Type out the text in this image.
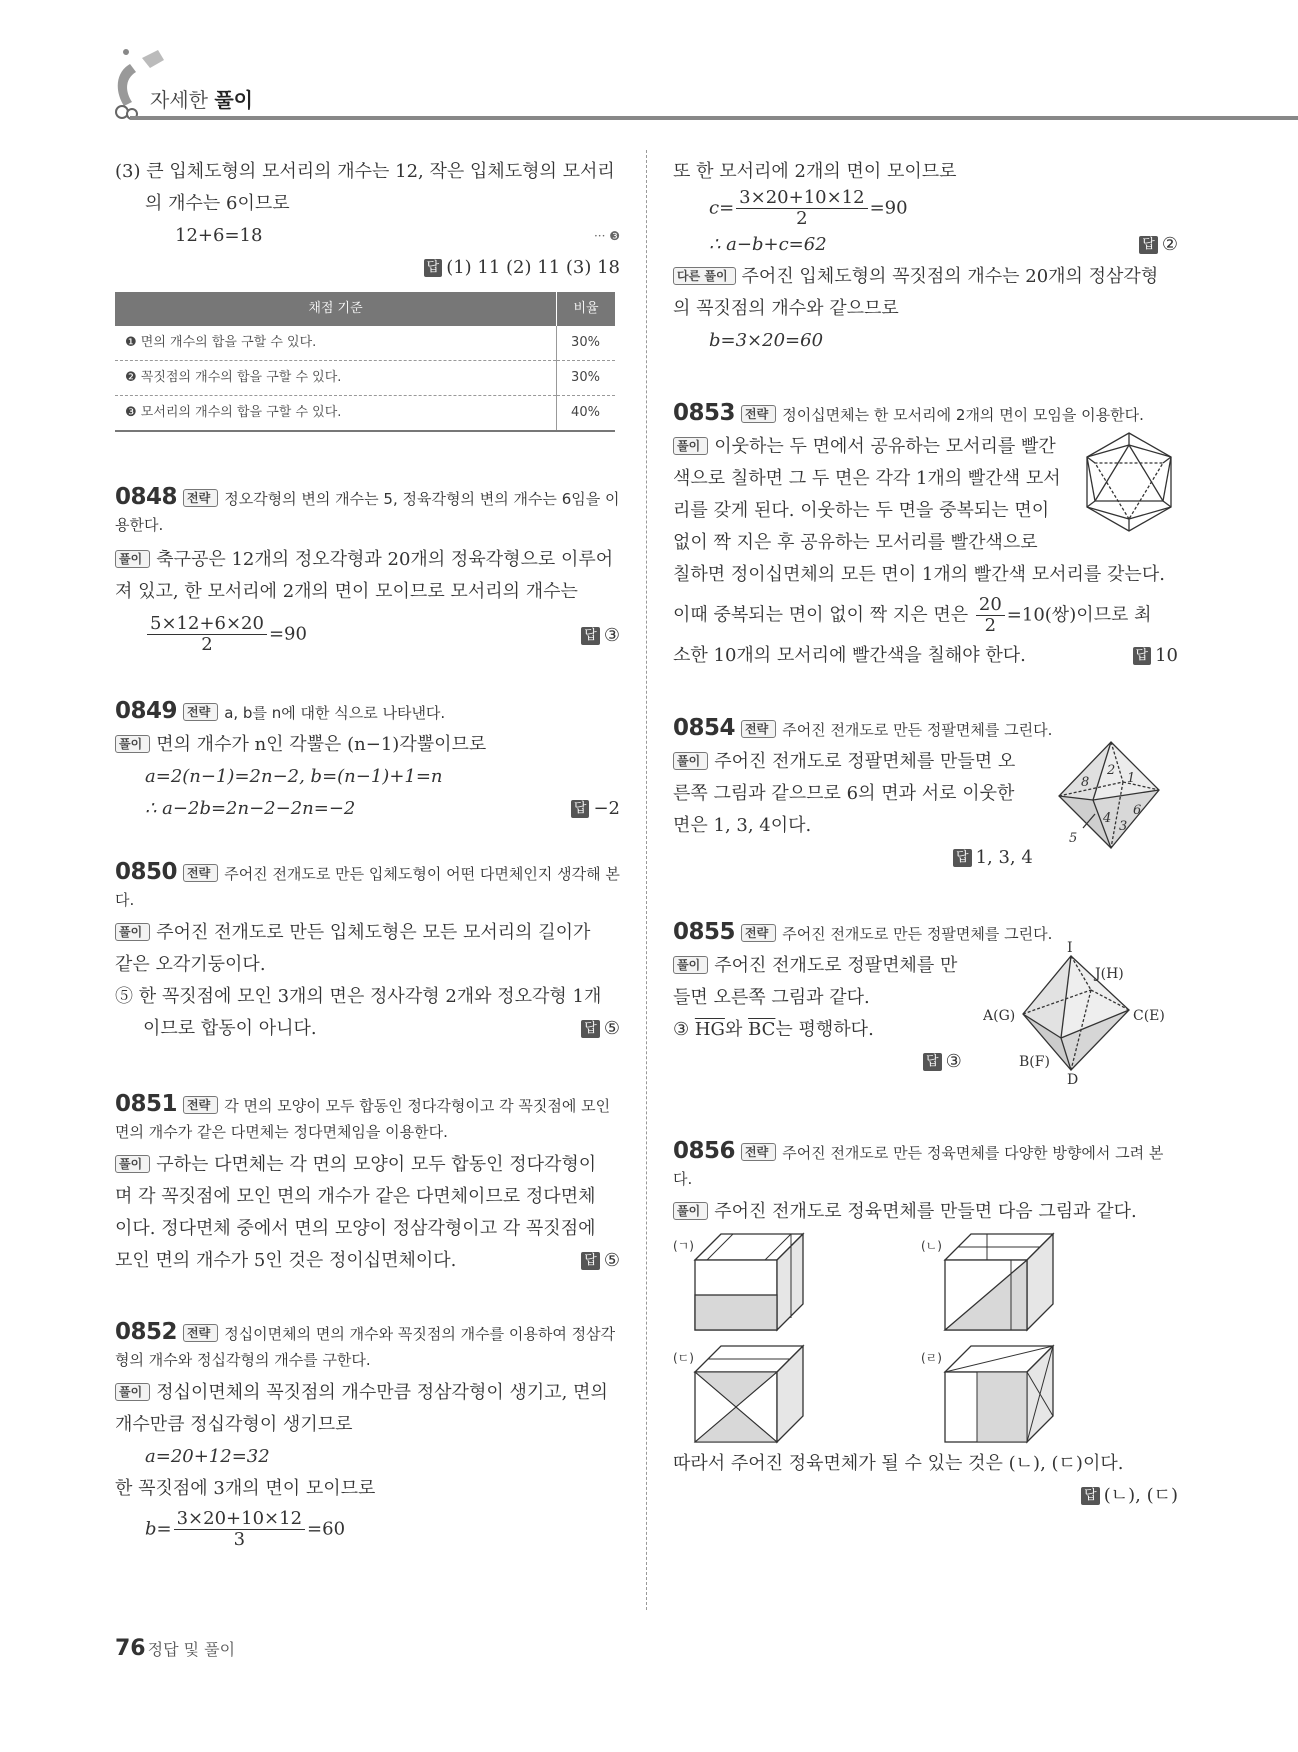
자세한 풀이

(3) 큰 입체도형의 모서리의 개수는 12, 작은 입체도형의 모서리

의 개수는 6이므로

12+6=18	··· ❸

답 (1) 11 (2) 11 (3) 18

채점 기준	비율
❶ 면의 개수의 합을 구할 수 있다.	30%
❷ 꼭짓점의 개수의 합을 구할 수 있다.	30%
❸ 모서리의 개수의 합을 구할 수 있다.	40%

0848 전략 정오각형의 변의 개수는 5, 정육각형의 변의 개수는 6임을 이용한다.

풀이 축구공은 12개의 정오각형과 20개의 정육각형으로 이루어

져 있고, 한 모서리에 2개의 면이 모이므로 모서리의 개수는

$\frac{5\times 12+6\times 20}{2} =90$	답 ③

0849 전략 a, b를 n에 대한 식으로 나타낸다.

풀이 면의 개수가 n인 각뿔은 (n−1)각뿔이므로

a=2(n−1)=2n−2, b=(n−1)+1=n

∴ a−2b=2n−2−2n=−2	답 −2

0850 전략 주어진 전개도로 만든 입체도형이 어떤 다면체인지 생각해 본다.

풀이 주어진 전개도로 만든 입체도형은 모든 모서리의 길이가

같은 오각기둥이다.

⑤ 한 꼭짓점에 모인 3개의 면은 정사각형 2개와 정오각형 1개

이므로 합동이 아니다.	답 ⑤

0851 전략 각 면의 모양이 모두 합동인 정다각형이고 각 꼭짓점에 모인 면의 개수가 같은 다면체는 정다면체임을 이용한다.

풀이 구하는 다면체는 각 면의 모양이 모두 합동인 정다각형이

며 각 꼭짓점에 모인 면의 개수가 같은 다면체이므로 정다면체

이다. 정다면체 중에서 면의 모양이 정삼각형이고 각 꼭짓점에

모인 면의 개수가 5인 것은 정이십면체이다.	답 ⑤

0852 전략 정십이면체의 면의 개수와 꼭짓점의 개수를 이용하여 정삼각형의 개수와 정십각형의 개수를 구한다.

풀이 정십이면체의 꼭짓점의 개수만큼 정삼각형이 생기고, 면의

개수만큼 정십각형이 생기므로

a=20+12=32

한 꼭짓점에 3개의 면이 모이므로

$b= \frac{3\times 20+10\times 12}{3} =60$

또 한 모서리에 2개의 면이 모이므로

$c= \frac{3\times 20+10\times 12}{2} =90$

∴ a−b+c=62	답 ②

다른 풀이 주어진 입체도형의 꼭짓점의 개수는 20개의 정삼각형

의 꼭짓점의 개수와 같으므로

b=3×20=60

0853 전략 정이십면체는 한 모서리에 2개의 면이 모임을 이용한다.

풀이 이웃하는 두 면에서 공유하는 모서리를 빨간

색으로 칠하면 그 두 면은 각각 1개의 빨간색 모서

리를 갖게 된다. 이웃하는 두 면을 중복되는 면이

없이 짝 지은 후 공유하는 모서리를 빨간색으로

칠하면 정이십면체의 모든 면이 1개의 빨간색 모서리를 갖는다.

이때 중복되는 면이 없이 짝 지은 면은 $\frac{20}{2} =10$(쌍)이므로 최

소한 10개의 모서리에 빨간색을 칠해야 한다.	답 10

0854 전략 주어진 전개도로 만든 정팔면체를 그린다.

풀이 주어진 전개도로 정팔면체를 만들면 오

른쪽 그림과 같으므로 6의 면과 서로 이웃한

면은 1, 3, 4이다.

답 1, 3, 4

2
8	1
4
6
3
5

0855 전략 주어진 전개도로 만든 정팔면체를 그린다.

풀이 주어진 전개도로 정팔면체를 만

들면 오른쪽 그림과 같다.

③ $\overline{HG}$와 $\overline{BC}$는 평행하다.

답 ③

I
J(H)
A(G)	C(E)
B(F)
D

0856 전략 주어진 전개도로 만든 정육면체를 다양한 방향에서 그려 본다.

풀이 주어진 전개도로 정육면체를 만들면 다음 그림과 같다.

(ㄱ)	(ㄴ)
(ㄷ)	(ㄹ)

따라서 주어진 정육면체가 될 수 있는 것은 (ㄴ), (ㄷ)이다.

답 (ㄴ), (ㄷ)

76 정답 및 풀이
